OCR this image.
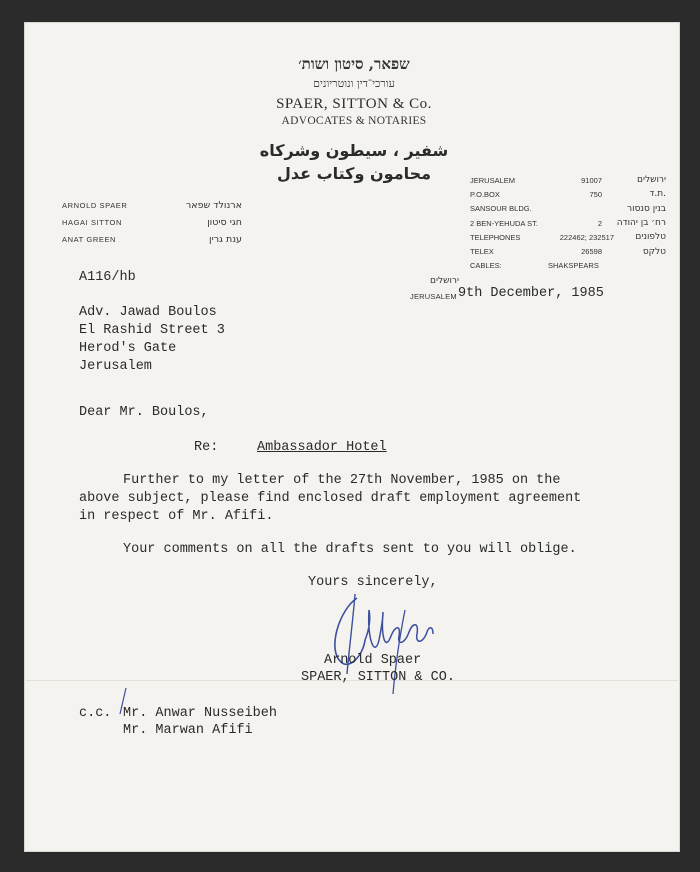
שפאר, סיטון ושות׳
עורכי־דין ונוטריונים
SPAER, SITTON & Co.
ADVOCATES & NOTARIES
شفير ، سيطون وشركاه
محامون وكتاب عدل
ARNOLD SPAER	ארנולד שפאר
HAGAI SITTON	חגי סיטון
ANAT GREEN	ענת גרין
JERUSALEM	91007	ירושלים
P.O.BOX	750	ת.ד.
SANSOUR BLDG.	בנין סנסור
2 BEN-YEHUDA ST.	2	רח׳ בן יהודה
TELEPHONES	222462; 232517	טלפונים
TELEX	26598	טלקס
CABLES:	SHAKSPEARS
A116/hb	ירושלים
JERUSALEM 9th December, 1985
Adv. Jawad Boulos
El Rashid Street 3
Herod's Gate
Jerusalem
Dear Mr. Boulos,
Re:	Ambassador Hotel
Further to my letter of the 27th November, 1985 on the
above subject, please find enclosed draft employment agreement
in respect of Mr. Afifi.
Your comments on all the drafts sent to you will oblige.
Yours sincerely,
Arnold Spaer
SPAER, SITTON & CO.
c.c. Mr. Anwar Nusseibeh
Mr. Marwan Afifi
